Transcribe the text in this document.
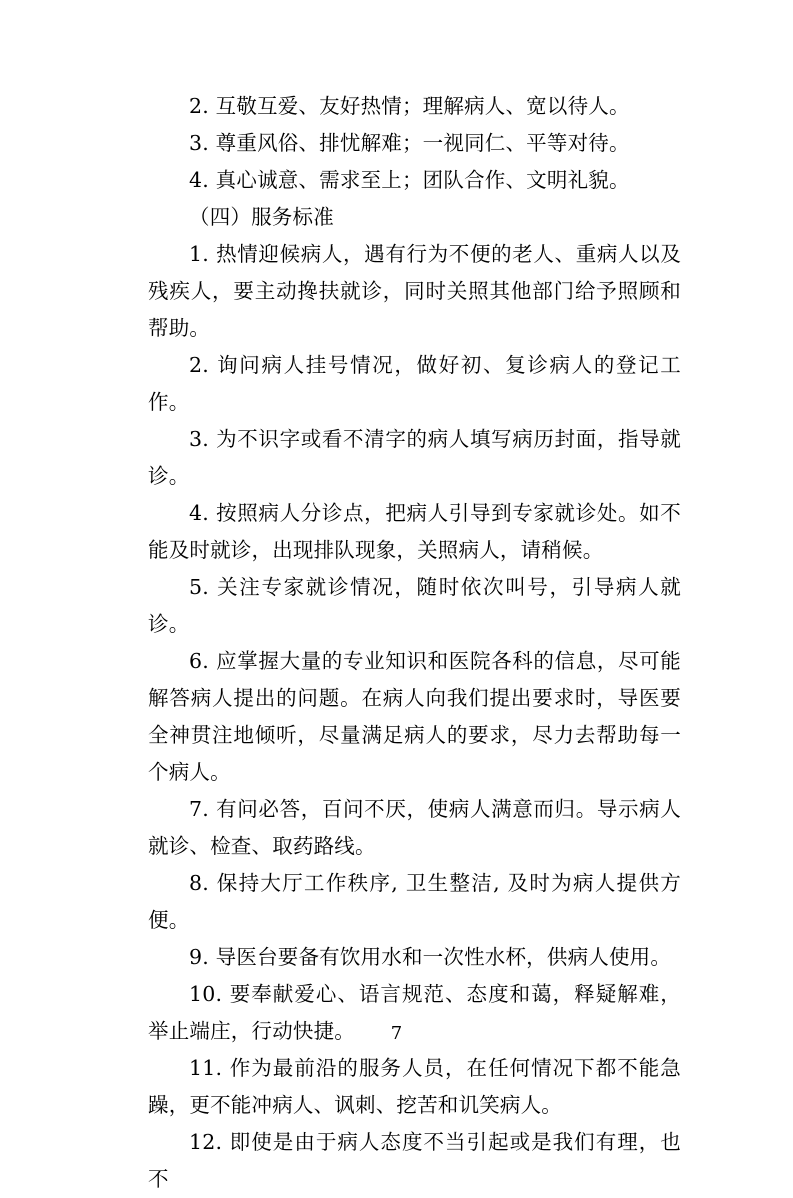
2. 互敬互爱、友好热情；理解病人、宽以待人。

3. 尊重风俗、排忧解难；一视同仁、平等对待。

4. 真心诚意、需求至上；团队合作、文明礼貌。

（四）服务标准

1. 热情迎候病人，遇有行为不便的老人、重病人以及残疾人，要主动搀扶就诊，同时关照其他部门给予照顾和帮助。

2. 询问病人挂号情况，做好初、复诊病人的登记工作。

3. 为不识字或看不清字的病人填写病历封面，指导就诊。

4. 按照病人分诊点，把病人引导到专家就诊处。如不能及时就诊，出现排队现象，关照病人，请稍候。

5. 关注专家就诊情况，随时依次叫号，引导病人就诊。

6. 应掌握大量的专业知识和医院各科的信息，尽可能解答病人提出的问题。在病人向我们提出要求时，导医要全神贯注地倾听，尽量满足病人的要求，尽力去帮助每一个病人。

7. 有问必答，百问不厌，使病人满意而归。导示病人就诊、检查、取药路线。

8. 保持大厅工作秩序, 卫生整洁, 及时为病人提供方便。

9. 导医台要备有饮用水和一次性水杯，供病人使用。

10. 要奉献爱心、语言规范、态度和蔼，释疑解难，举止端庄，行动快捷。

11. 作为最前沿的服务人员，在任何情况下都不能急躁，更不能冲病人、讽刺、挖苦和讥笑病人。

12. 即使是由于病人态度不当引起或是我们有理，也不

7
